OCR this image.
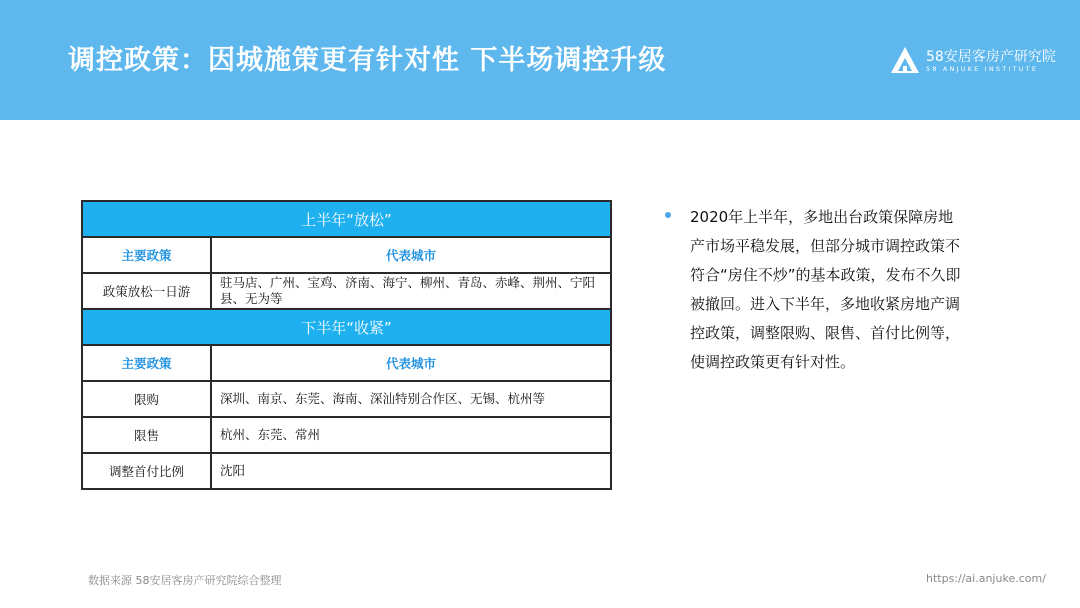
调控政策：因城施策更有针对性 下半场调控升级	58安居客房产研究院
58 ANJUKE INSTITUTE
上半年“放松”	
主要政策	代表城市
政策放松一日游	驻马店、广州、宝鸡、济南、海宁、柳州、青岛、赤峰、荆州、宁阳县、无为等
下半年“收紧”	
主要政策	代表城市
限购	深圳、南京、东莞、海南、深汕特别合作区、无锡、杭州等
限售	杭州、东莞、常州
调整首付比例	沈阳
2020年上半年，多地出台政策保障房地产市场平稳发展，但部分城市调控政策不符合“房住不炒”的基本政策，发布不久即被撤回。进入下半年，多地收紧房地产调控政策，调整限购、限售、首付比例等，使调控政策更有针对性。
数据来源 58安居客房产研究院综合整理	https://ai.anjuke.com/
